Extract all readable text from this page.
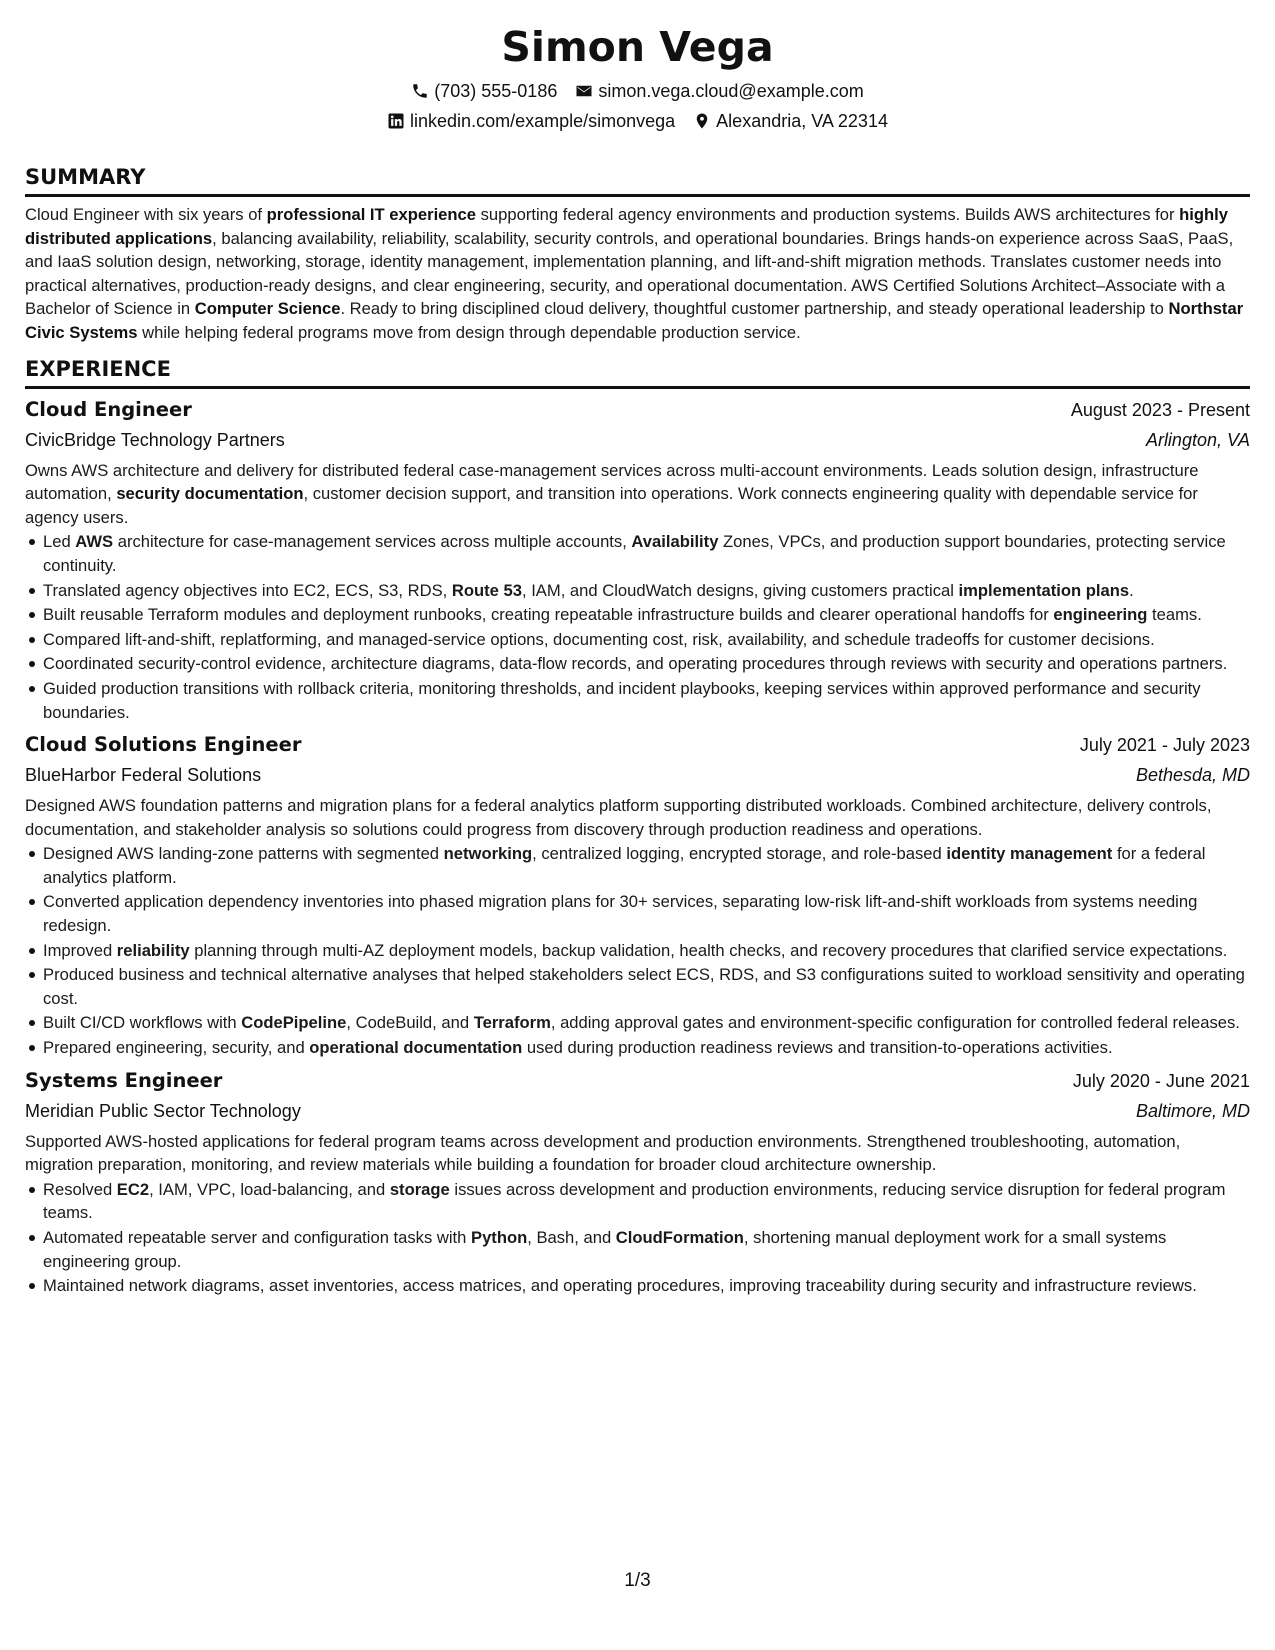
Simon Vega
(703) 555-0186 simon.vega.cloud@example.com
linkedin.com/example/simonvega Alexandria, VA 22314
SUMMARY

Cloud Engineer with six years of professional IT experience supporting federal agency environments and production systems. Builds AWS architectures for highly distributed applications, balancing availability, reliability, scalability, security controls, and operational boundaries. Brings hands-on experience across SaaS, PaaS, and IaaS solution design, networking, storage, identity management, implementation planning, and lift-and-shift migration methods. Translates customer needs into practical alternatives, production-ready designs, and clear engineering, security, and operational documentation. AWS Certified Solutions Architect–Associate with a Bachelor of Science in Computer Science. Ready to bring disciplined cloud delivery, thoughtful customer partnership, and steady operational leadership to Northstar Civic Systems while helping federal programs move from design through dependable production service.

EXPERIENCE
Cloud Engineer	August 2023 - Present
CivicBridge Technology Partners	Arlington, VA

Owns AWS architecture and delivery for distributed federal case-management services across multi-account environments. Leads solution design, infrastructure automation, security documentation, customer decision support, and transition into operations. Work connects engineering quality with dependable service for agency users.

Led AWS architecture for case-management services across multiple accounts, Availability Zones, VPCs, and production support boundaries, protecting service continuity.
Translated agency objectives into EC2, ECS, S3, RDS, Route 53, IAM, and CloudWatch designs, giving customers practical implementation plans.
Built reusable Terraform modules and deployment runbooks, creating repeatable infrastructure builds and clearer operational handoffs for engineering teams.
Compared lift-and-shift, replatforming, and managed-service options, documenting cost, risk, availability, and schedule tradeoffs for customer decisions.
Coordinated security-control evidence, architecture diagrams, data-flow records, and operating procedures through reviews with security and operations partners.
Guided production transitions with rollback criteria, monitoring thresholds, and incident playbooks, keeping services within approved performance and security boundaries.
Cloud Solutions Engineer	July 2021 - July 2023
BlueHarbor Federal Solutions	Bethesda, MD

Designed AWS foundation patterns and migration plans for a federal analytics platform supporting distributed workloads. Combined architecture, delivery controls, documentation, and stakeholder analysis so solutions could progress from discovery through production readiness and operations.

Designed AWS landing-zone patterns with segmented networking, centralized logging, encrypted storage, and role-based identity management for a federal analytics platform.
Converted application dependency inventories into phased migration plans for 30+ services, separating low-risk lift-and-shift workloads from systems needing redesign.
Improved reliability planning through multi-AZ deployment models, backup validation, health checks, and recovery procedures that clarified service expectations.
Produced business and technical alternative analyses that helped stakeholders select ECS, RDS, and S3 configurations suited to workload sensitivity and operating cost.
Built CI/CD workflows with CodePipeline, CodeBuild, and Terraform, adding approval gates and environment-specific configuration for controlled federal releases.
Prepared engineering, security, and operational documentation used during production readiness reviews and transition-to-operations activities.
Systems Engineer	July 2020 - June 2021
Meridian Public Sector Technology	Baltimore, MD

Supported AWS-hosted applications for federal program teams across development and production environments. Strengthened troubleshooting, automation, migration preparation, monitoring, and review materials while building a foundation for broader cloud architecture ownership.

Resolved EC2, IAM, VPC, load-balancing, and storage issues across development and production environments, reducing service disruption for federal program teams.
Automated repeatable server and configuration tasks with Python, Bash, and CloudFormation, shortening manual deployment work for a small systems engineering group.
Maintained network diagrams, asset inventories, access matrices, and operating procedures, improving traceability during security and infrastructure reviews.
1/3
